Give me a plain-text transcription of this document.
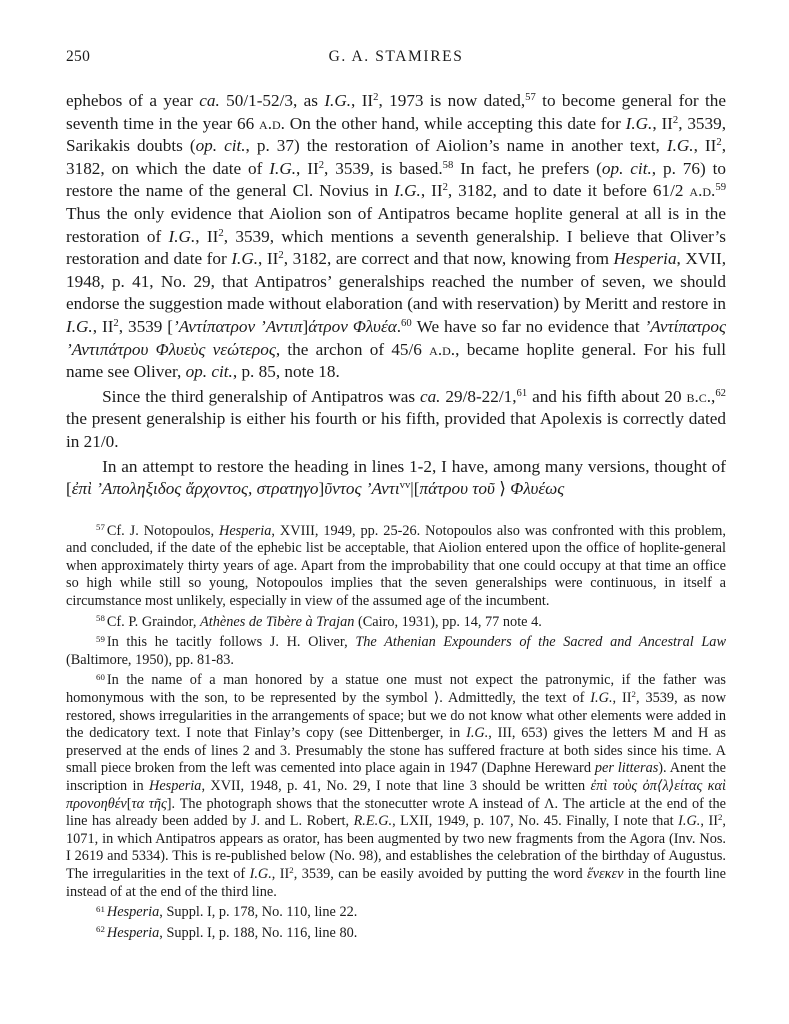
250	G. A. STAMIRES

ephebos of a year ca. 50/1-52/3, as I.G., $II^2$, 1973 is now dated,$^{57}$ to become general for the seventh time in the year 66 a.d. On the other hand, while accepting this date for I.G., $II^2$, 3539, Sarikakis doubts (op. cit., p. 37) the restoration of Aiolion’s name in another text, I.G., $II^2$, 3182, on which the date of I.G., $II^2$, 3539, is based.$^{58}$ In fact, he prefers (op. cit., p. 76) to restore the name of the general Cl. Novius in I.G., $II^2$, 3182, and to date it before 61/2 a.d.$^{59}$ Thus the only evidence that Aiolion son of Antipatros became hoplite general at all is in the restoration of I.G., $II^2$, 3539, which mentions a seventh generalship. I believe that Oliver’s restoration and date for I.G., $II^2$, 3182, are correct and that now, knowing from Hesperia, XVII, 1948, p. 41, No. 29, that Antipatros’ generalships reached the number of seven, we should endorse the suggestion made without elaboration (and with reservation) by Meritt and restore in I.G., $II^2$, 3539 [’Αντίπατρον ’Αντιπ]άτρον Φλυέα.$^{60}$ We have so far no evidence that ’Αντίπατρος ’Αντιπάτρου Φλυεὺς νεώτερος, the archon of 45/6 a.d., became hoplite general. For his full name see Oliver, op. cit., p. 85, note 18.

Since the third generalship of Antipatros was ca. 29/8-22/1,61 and his fifth about 20 b.c.,$^{62}$ the present generalship is either his fourth or his fifth, provided that Apolexis is correctly dated in 21/0.

In an attempt to restore the heading in lines 1-2, I have, among many versions, thought of [ἐπὶ ’Αποληξιδος ἄρχοντος, στρατηγο]ῦντος ’Αντι$^{vv}$|[πάτρου τοῦ ⟩ Φλυέως

$^{57}$ Cf. J. Notopoulos, Hesperia, XVIII, 1949, pp. 25-26. Notopoulos also was confronted with this problem, and concluded, if the date of the ephebic list be acceptable, that Aiolion entered upon the office of hoplite-general when approximately thirty years of age. Apart from the improbability that one could occupy at that time an office so high while still so young, Notopoulos implies that the seven generalships were continuous, in itself a circumstance most unlikely, especially in view of the assumed age of the incumbent.

$^{58}$ Cf. P. Graindor, Athènes de Tibère à Trajan (Cairo, 1931), pp. 14, 77 note 4.

$^{59}$ In this he tacitly follows J. H. Oliver, The Athenian Expounders of the Sacred and Ancestral Law (Baltimore, 1950), pp. 81-83.

$^{60}$ In the name of a man honored by a statue one must not expect the patronymic, if the father was homonymous with the son, to be represented by the symbol ⟩. Admittedly, the text of I.G., $II^2$, 3539, as now restored, shows irregularities in the arrangements of space; but we do not know what other elements were added in the dedicatory text. I note that Finlay’s copy (see Dittenberger, in I.G., III, 653) gives the letters M and H as preserved at the ends of lines 2 and 3. Presumably the stone has suffered fracture at both sides since his time. A small piece broken from the left was cemented into place again in 1947 (Daphne Hereward per litteras). Anent the inscription in Hesperia, XVII, 1948, p. 41, No. 29, I note that line 3 should be written ἐπὶ τοὺς ὀπ⟨λ⟩είτας καὶ προνοηθέν[τα τῆς]. The photograph shows that the stonecutter wrote A instead of Λ. The article at the end of the line has already been added by J. and L. Robert, R.E.G., LXII, 1949, p. 107, No. 45. Finally, I note that I.G., $II^2$, 1071, in which Antipatros appears as orator, has been augmented by two new fragments from the Agora (Inv. Nos. I 2619 and 5334). This is re-published below (No. 98), and establishes the celebration of the birthday of Augustus. The irregularities in the text of I.G., $II^2$, 3539, can be easily avoided by putting the word ἕνεκεν in the fourth line instead of at the end of the third line.

$^{61}$ Hesperia, Suppl. I, p. 178, No. 110, line 22.

$^{62}$ Hesperia, Suppl. I, p. 188, No. 116, line 80.
